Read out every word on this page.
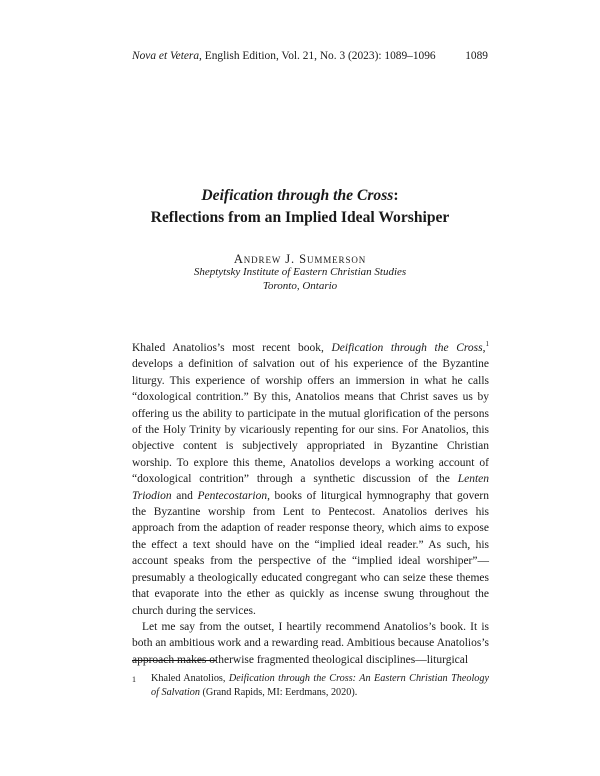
Nova et Vetera, English Edition, Vol. 21, No. 3 (2023): 1089–1096	1089
Deification through the Cross:
Reflections from an Implied Ideal Worshiper
Andrew J. Summerson
Sheptytsky Institute of Eastern Christian Studies
Toronto, Ontario

Khaled Anatolios’s most recent book, Deification through the Cross,$^1$ develops a definition of salvation out of his experience of the Byzantine liturgy. This experience of worship offers an immersion in what he calls “doxological contrition.” By this, Anatolios means that Christ saves us by offering us the ability to participate in the mutual glorification of the persons of the Holy Trinity by vicariously repenting for our sins. For Anatolios, this objective content is subjectively appropriated in Byzantine Christian worship. To explore this theme, Anatolios develops a working account of “doxological contrition” through a synthetic discussion of the Lenten Triodion and Pentecostarion, books of liturgical hymnography that govern the Byzantine worship from Lent to Pentecost. Anatolios derives his approach from the adaption of reader response theory, which aims to expose the effect a text should have on the “implied ideal reader.” As such, his account speaks from the perspective of the “implied ideal worshiper”—presumably a theologically educated congregant who can seize these themes that evaporate into the ether as quickly as incense swung throughout the church during the services.

Let me say from the outset, I heartily recommend Anatolios’s book. It is both an ambitious work and a rewarding read. Ambitious because Anatolios’s approach makes otherwise fragmented theological disciplines—liturgical

1	Khaled Anatolios, Deification through the Cross: An Eastern Christian Theology of Salvation (Grand Rapids, MI: Eerdmans, 2020).
